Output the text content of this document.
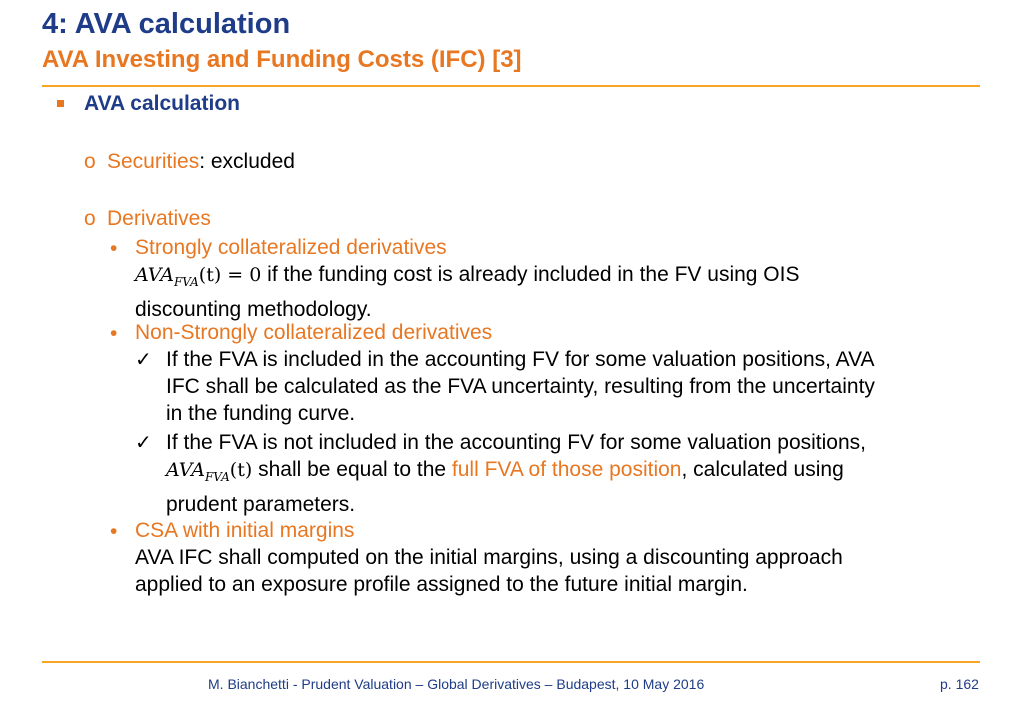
4: AVA calculation
AVA Investing and Funding Costs (IFC) [3]
AVA calculation
o Securities: excluded
o Derivatives
• Strongly collateralized derivatives
$AVA_{FVA}(t) = 0$ if the funding cost is already included in the FV using OIS
discounting methodology.
• Non-Strongly collateralized derivatives
✓ If the FVA is included in the accounting FV for some valuation positions, AVA
IFC shall be calculated as the FVA uncertainty, resulting from the uncertainty
in the funding curve.
✓ If the FVA is not included in the accounting FV for some valuation positions,
$AVA_{FVA}(t)$ shall be equal to the full FVA of those position, calculated using
prudent parameters.
• CSA with initial margins
AVA IFC shall computed on the initial margins, using a discounting approach
applied to an exposure profile assigned to the future initial margin.
M. Bianchetti - Prudent Valuation – Global Derivatives – Budapest, 10 May 2016	p. 162
